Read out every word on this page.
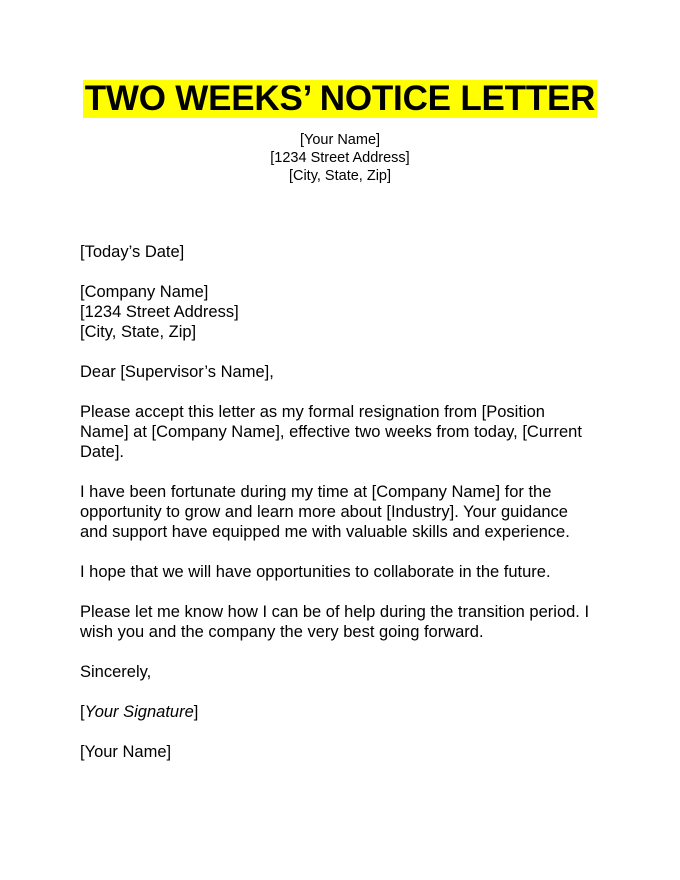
TWO WEEKS’ NOTICE LETTER
[Your Name]
[1234 Street Address]
[City, State, Zip]

[Today’s Date]

[Company Name]
[1234 Street Address]
[City, State, Zip]

Dear [Supervisor’s Name],

Please accept this letter as my formal resignation from [Position
Name] at [Company Name], effective two weeks from today, [Current
Date].

I have been fortunate during my time at [Company Name] for the
opportunity to grow and learn more about [Industry]. Your guidance
and support have equipped me with valuable skills and experience.

I hope that we will have opportunities to collaborate in the future.

Please let me know how I can be of help during the transition period. I
wish you and the company the very best going forward.

Sincerely,

[Your Signature]

[Your Name]
